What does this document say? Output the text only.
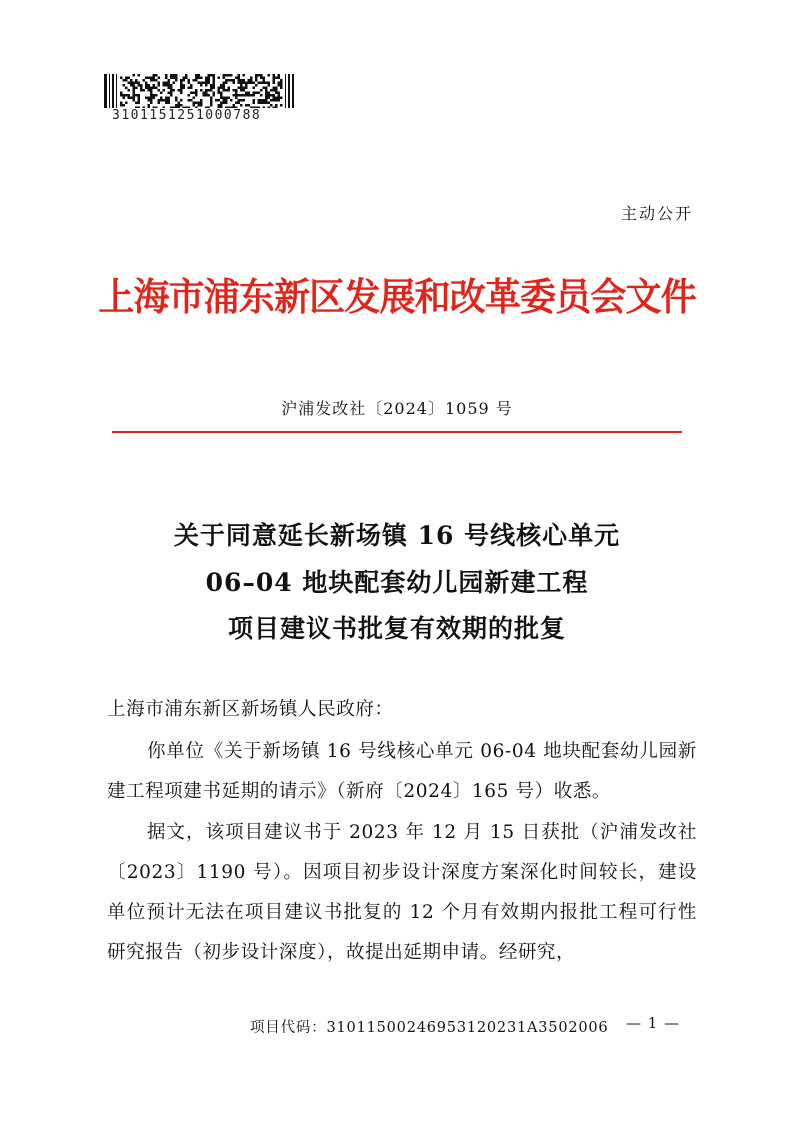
3101151251000788
主动公开
上海市浦东新区发展和改革委员会文件
沪浦发改社〔2024〕1059 号
关于同意延长新场镇 16 号线核心单元
06–04 地块配套幼儿园新建工程
项目建议书批复有效期的批复
上海市浦东新区新场镇人民政府：
你单位《关于新场镇 16 号线核心单元 06-04 地块配套幼儿园新建工程项建书延期的请示》（新府〔2024〕165 号）收悉。
据文，该项目建议书于 2023 年 12 月 15 日获批（沪浦发改社〔2023〕1190 号）。因项目初步设计深度方案深化时间较长，建设单位预计无法在项目建议书批复的 12 个月有效期内报批工程可行性研究报告（初步设计深度），故提出延期申请。经研究，
项目代码：31011500246953120231A3502006 — 1 —
